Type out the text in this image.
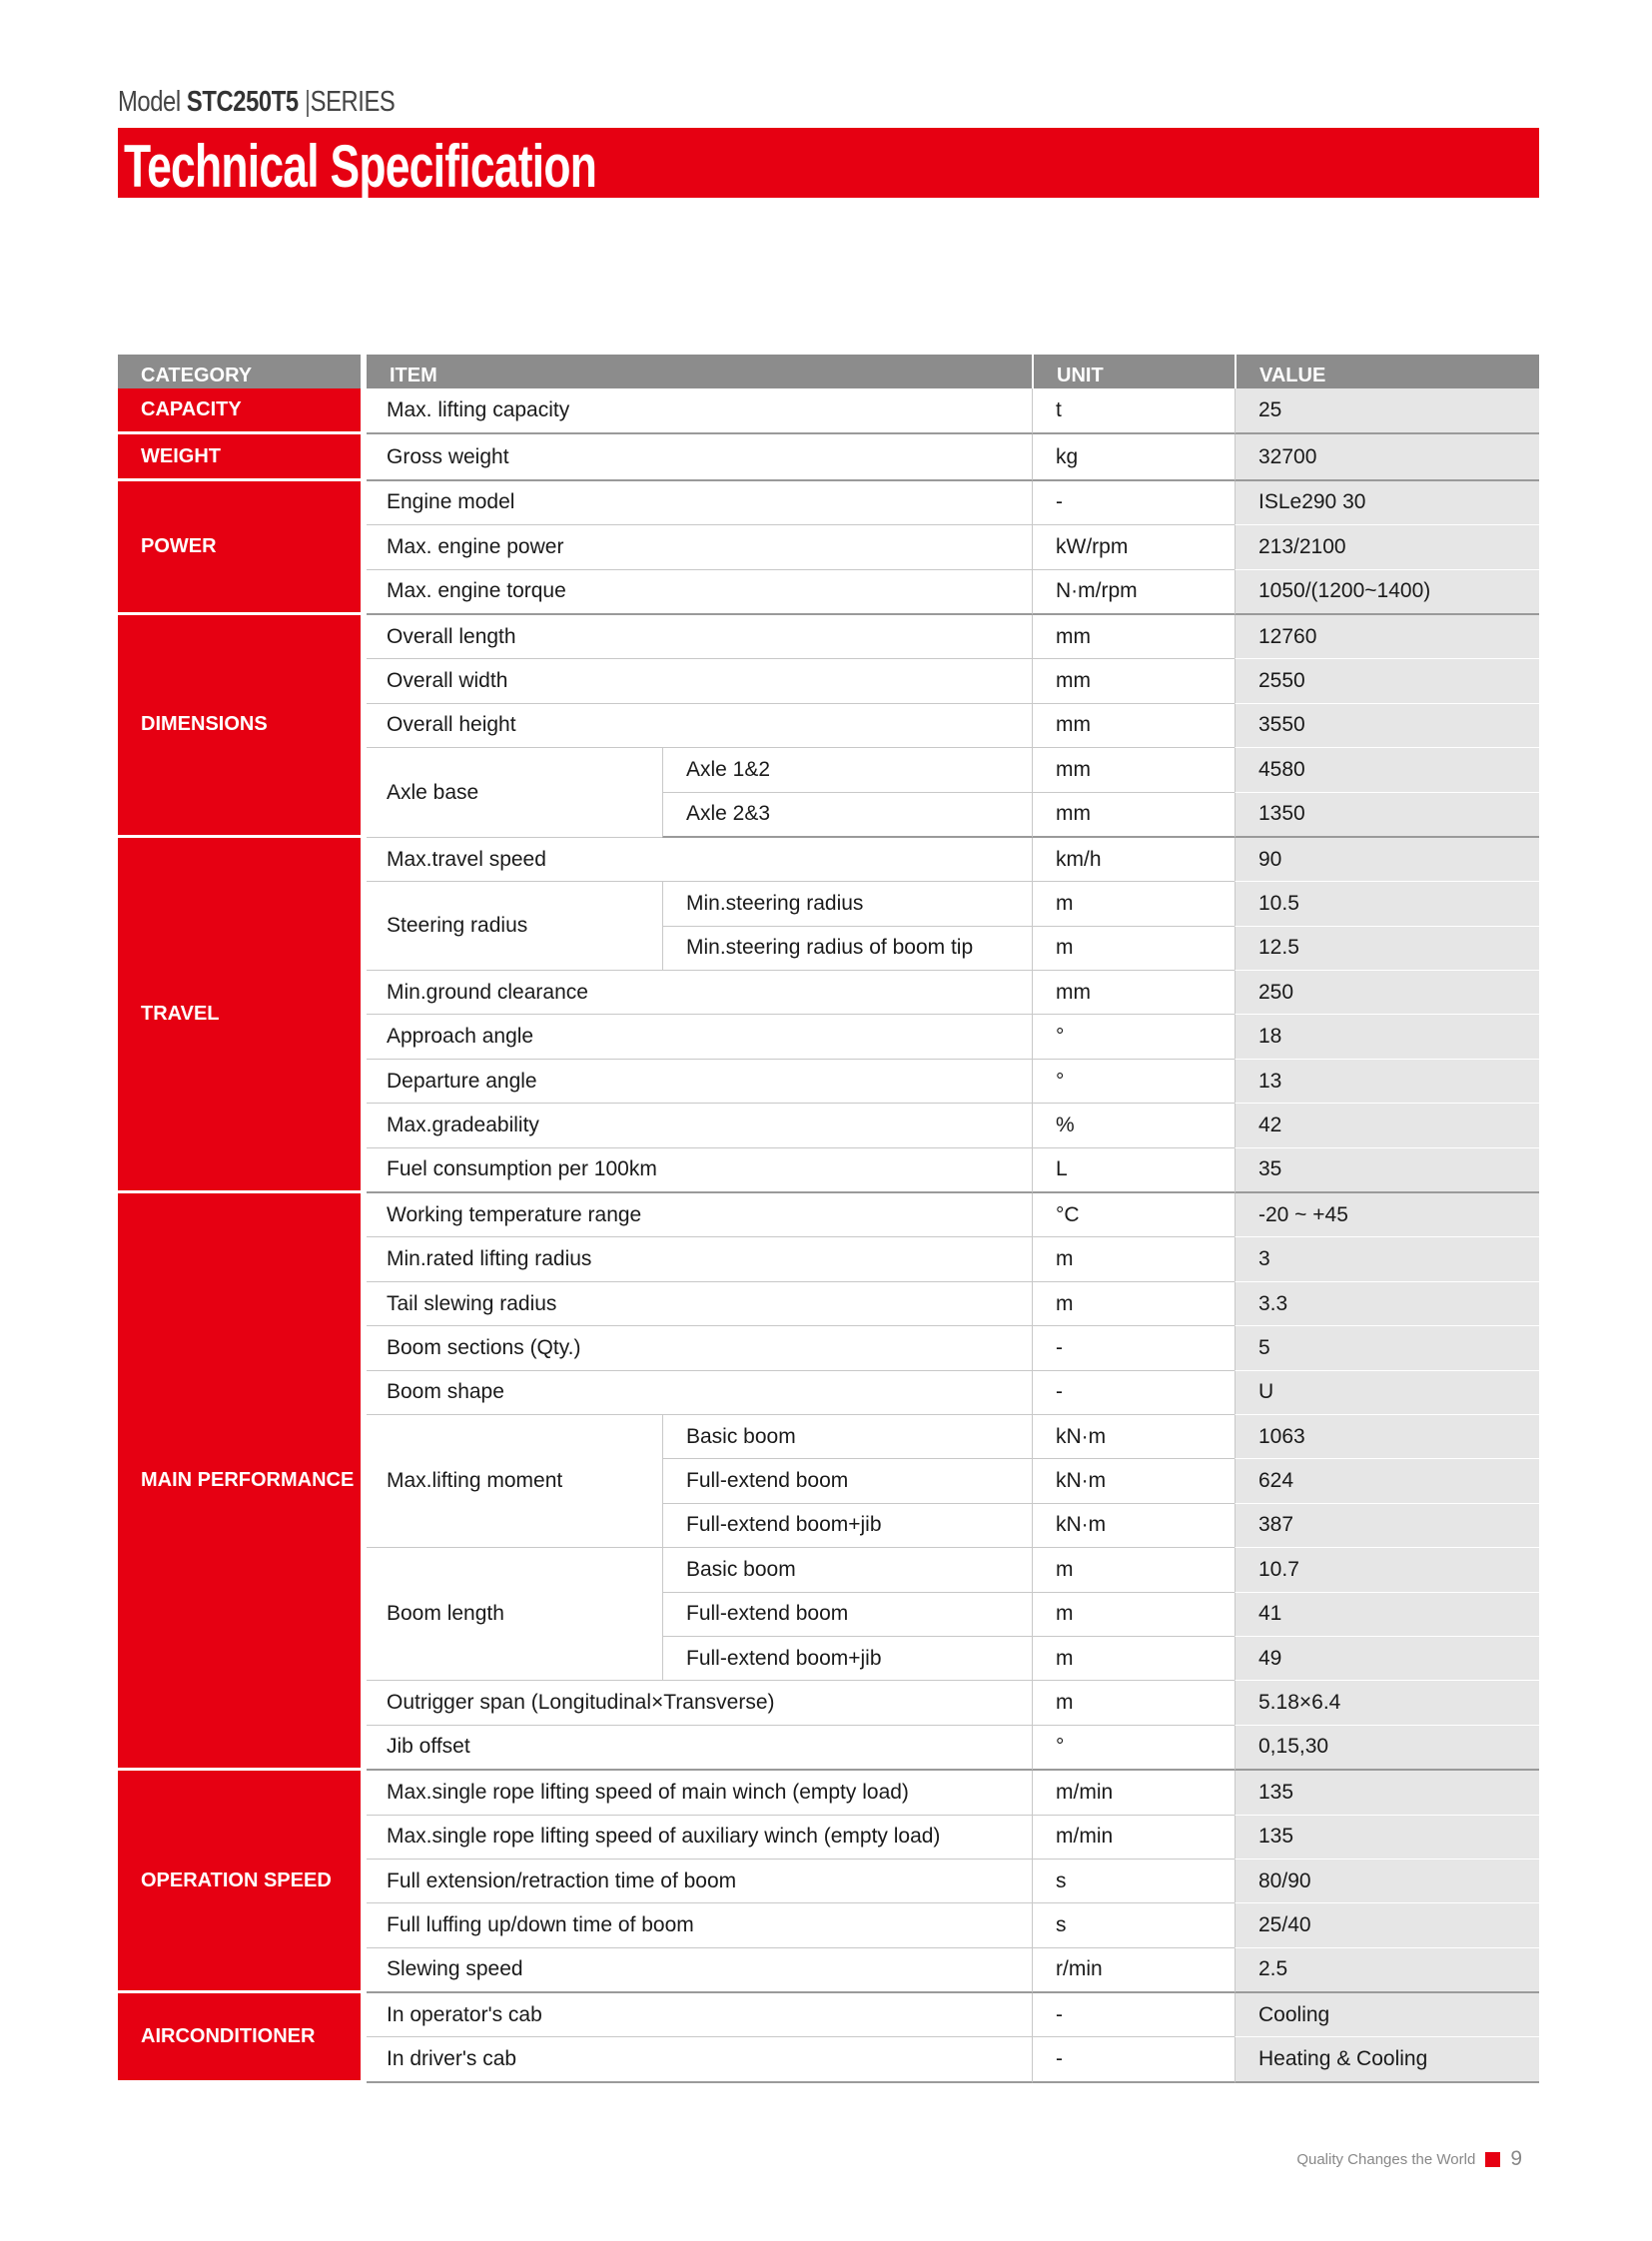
Model STC250T5 |SERIES
Technical Specification
CATEGORY		ITEM		UNIT	VALUE
CAPACITY		Max. lifting capacity		t	25
WEIGHT		Gross weight		kg	32700
POWER		Engine model		-	ISLe290 30
		Max. engine power		kW/rpm	213/2100
		Max. engine torque		N·m/rpm	1050/(1200~1400)
DIMENSIONS		Overall length		mm	12760
		Overall width		mm	2550
		Overall height		mm	3550
		Axle base	Axle 1&2	mm	4580
			Axle 2&3	mm	1350
TRAVEL		Max.travel speed		km/h	90
		Steering radius	Min.steering radius	m	10.5
			Min.steering radius of boom tip	m	12.5
		Min.ground clearance		mm	250
		Approach angle		°	18
		Departure angle		°	13
		Max.gradeability		%	42
		Fuel consumption per 100km		L	35
MAIN PERFORMANCE		Working temperature range		°C	-20 ~ +45
		Min.rated lifting radius		m	3
		Tail slewing radius		m	3.3
		Boom sections (Qty.)		-	5
		Boom shape		-	U
		Max.lifting moment	Basic boom	kN·m	1063
			Full-extend boom	kN·m	624
			Full-extend boom+jib	kN·m	387
		Boom length	Basic boom	m	10.7
			Full-extend boom	m	41
			Full-extend boom+jib	m	49
		Outrigger span (Longitudinal×Transverse)		m	5.18×6.4
		Jib offset		°	0,15,30
OPERATION SPEED		Max.single rope lifting speed of main winch (empty load)		m/min	135
		Max.single rope lifting speed of auxiliary winch (empty load)		m/min	135
		Full extension/retraction time of boom		s	80/90
		Full luffing up/down time of boom		s	25/40
		Slewing speed		r/min	2.5
AIRCONDITIONER		In operator's cab		-	Cooling
		In driver's cab		-	Heating & Cooling
Quality Changes the World 9
